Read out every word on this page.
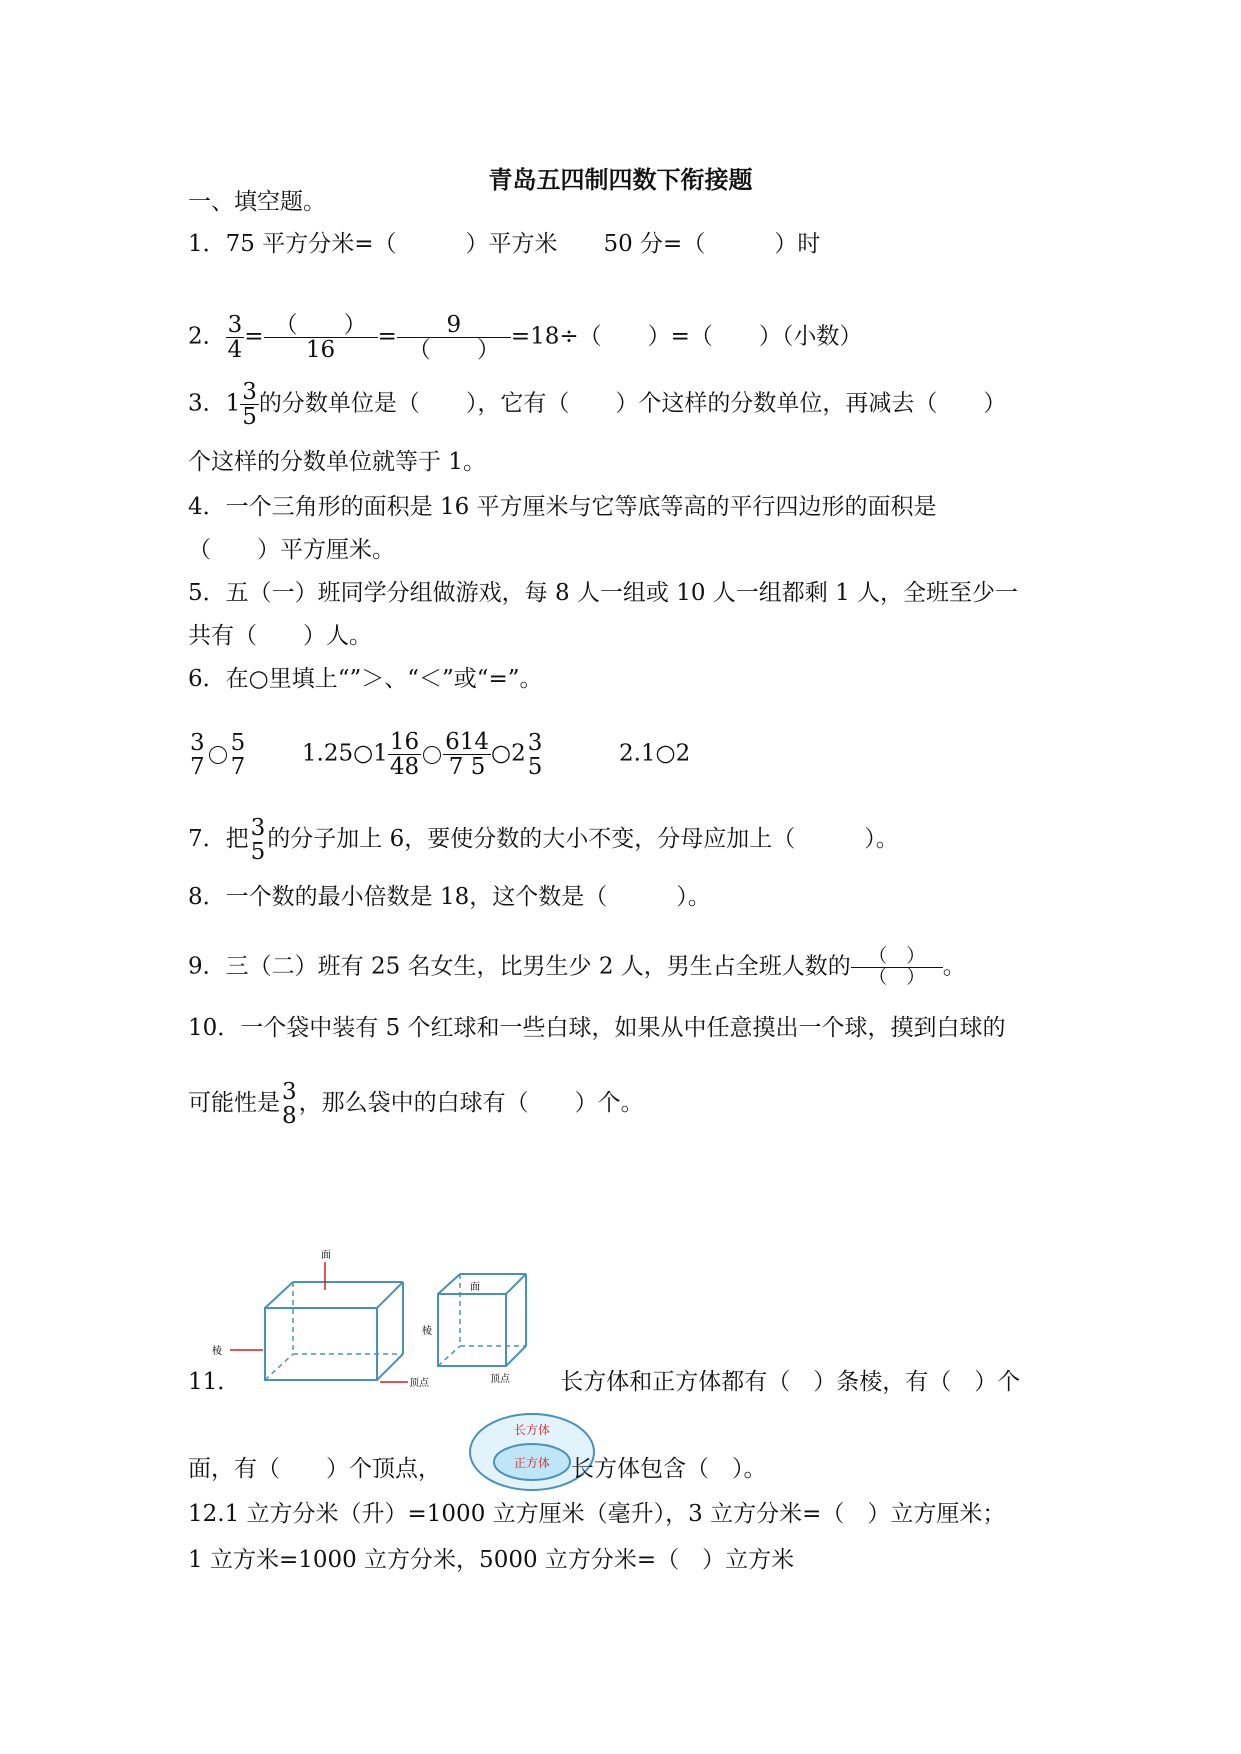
青岛五四制四数下衔接题
一、填空题。
1．75 平方分米=（　　　）平方米　　50 分=（　　　）时
2． $\frac{3}{4} = \frac{( )}{16} = \frac{9}{( )} =18\div$（　　）=（　　）（小数）
3．$1 \frac{3}{5}$ 的分数单位是（　　），它有（　　）个这样的分数单位，再减去（　　）
个这样的分数单位就等于 1。
4．一个三角形的面积是 16 平方厘米与它等底等高的平行四边形的面积是
（　　）平方厘米。
5．五（一）班同学分组做游戏，每 8 人一组或 10 人一组都剩 1 人，全班至少一
共有（　　）人。
6．在○里填上“”＞、“＜”或“=”。
3
7
5
7 1.25○1 $\frac{16}{48} \frac{614}{7 5}$ ○2 3
5	2.1○2
7．把 3
5 的分子加上 6，要使分数的大小不变，分母应加上（　　　）。
8．一个数的最小倍数是 18，这个数是（　　　）。
9．三（二）班有 25 名女生，比男生少 2 人，男生占全班人数的 $\frac{( )}{( )}$ 。
10．一个袋中装有 5 个红球和一些白球，如果从中任意摸出一个球，摸到白球的
可能性是 3
8 ，那么袋中的白球有（　　）个。
面
棱
顶点
面
棱
顶点
11．	长方体和正方体都有（　）条棱，有（　）个
长方体
正方体
面，有（　　）个顶点，	长方体包含（　）。
12.1 立方分米（升）=1000 立方厘米（毫升），3 立方分米=（　）立方厘米；
1 立方米=1000 立方分米，5000 立方分米=（　）立方米
